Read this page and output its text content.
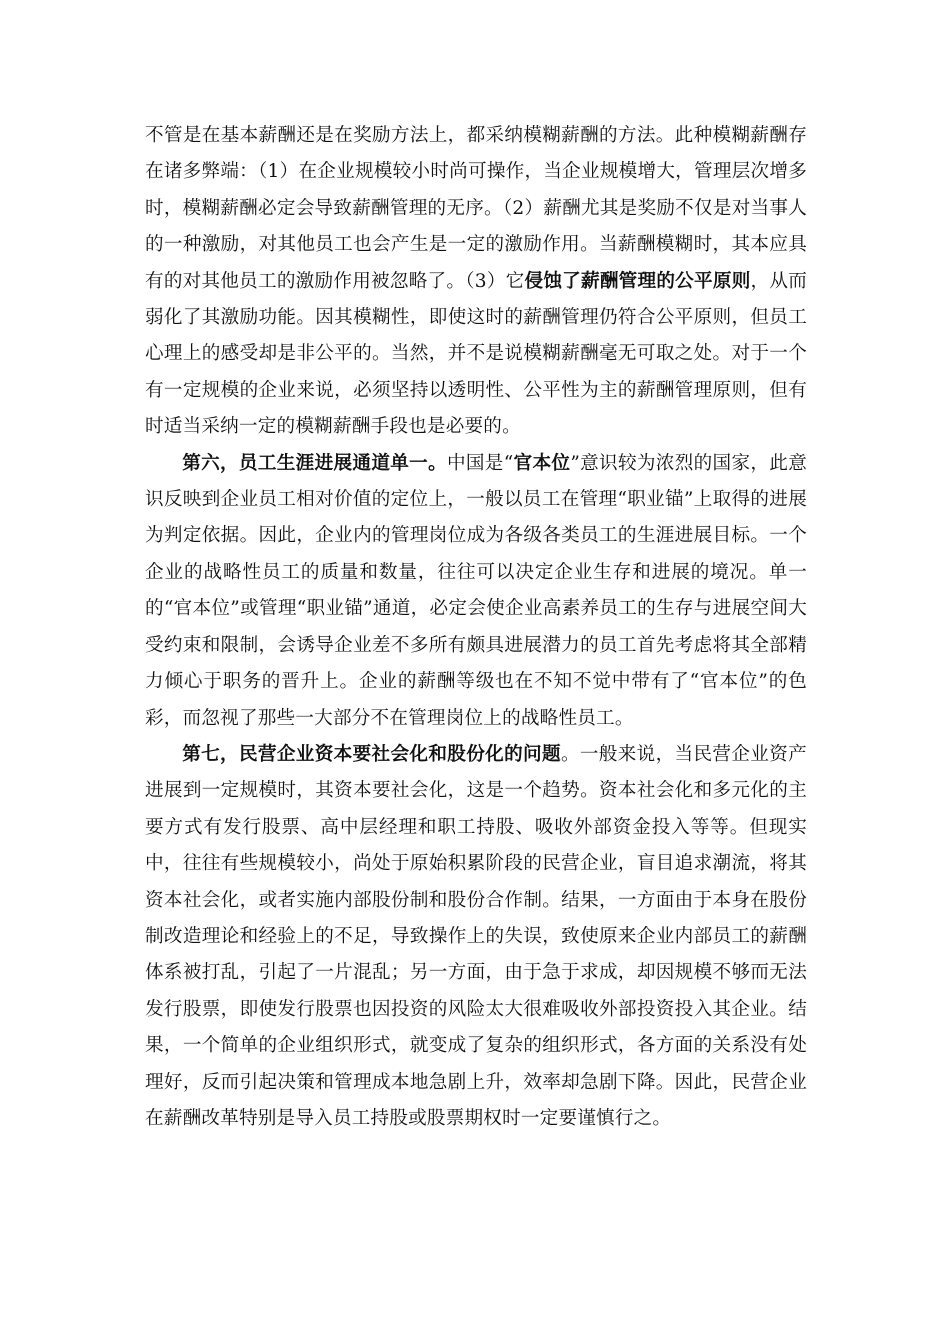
不管是在基本薪酬还是在奖励方法上，都采纳模糊薪酬的方法。此种模糊薪酬存在诸多弊端：（1）在企业规模较小时尚可操作，当企业规模增大，管理层次增多时，模糊薪酬必定会导致薪酬管理的无序。（2）薪酬尤其是奖励不仅是对当事人的一种激励，对其他员工也会产生是一定的激励作用。当薪酬模糊时，其本应具有的对其他员工的激励作用被忽略了。（3）它侵蚀了薪酬管理的公平原则，从而弱化了其激励功能。因其模糊性，即使这时的薪酬管理仍符合公平原则，但员工心理上的感受却是非公平的。当然，并不是说模糊薪酬毫无可取之处。对于一个有一定规模的企业来说，必须坚持以透明性、公平性为主的薪酬管理原则，但有时适当采纳一定的模糊薪酬手段也是必要的。

第六，员工生涯进展通道单一。中国是“官本位”意识较为浓烈的国家，此意识反映到企业员工相对价值的定位上，一般以员工在管理“职业锚”上取得的进展为判定依据。因此，企业内的管理岗位成为各级各类员工的生涯进展目标。一个企业的战略性员工的质量和数量，往往可以决定企业生存和进展的境况。单一的“官本位”或管理“职业锚”通道，必定会使企业高素养员工的生存与进展空间大受约束和限制，会诱导企业差不多所有颇具进展潜力的员工首先考虑将其全部精力倾心于职务的晋升上。企业的薪酬等级也在不知不觉中带有了“官本位”的色彩，而忽视了那些一大部分不在管理岗位上的战略性员工。

第七，民营企业资本要社会化和股份化的问题。一般来说，当民营企业资产进展到一定规模时，其资本要社会化，这是一个趋势。资本社会化和多元化的主要方式有发行股票、高中层经理和职工持股、吸收外部资金投入等等。但现实中，往往有些规模较小，尚处于原始积累阶段的民营企业，盲目追求潮流，将其资本社会化，或者实施内部股份制和股份合作制。结果，一方面由于本身在股份制改造理论和经验上的不足，导致操作上的失误，致使原来企业内部员工的薪酬体系被打乱，引起了一片混乱；另一方面，由于急于求成，却因规模不够而无法发行股票，即使发行股票也因投资的风险太大很难吸收外部投资投入其企业。结果，一个简单的企业组织形式，就变成了复杂的组织形式，各方面的关系没有处理好，反而引起决策和管理成本地急剧上升，效率却急剧下降。因此，民营企业在薪酬改革特别是导入员工持股或股票期权时一定要谨慎行之。
